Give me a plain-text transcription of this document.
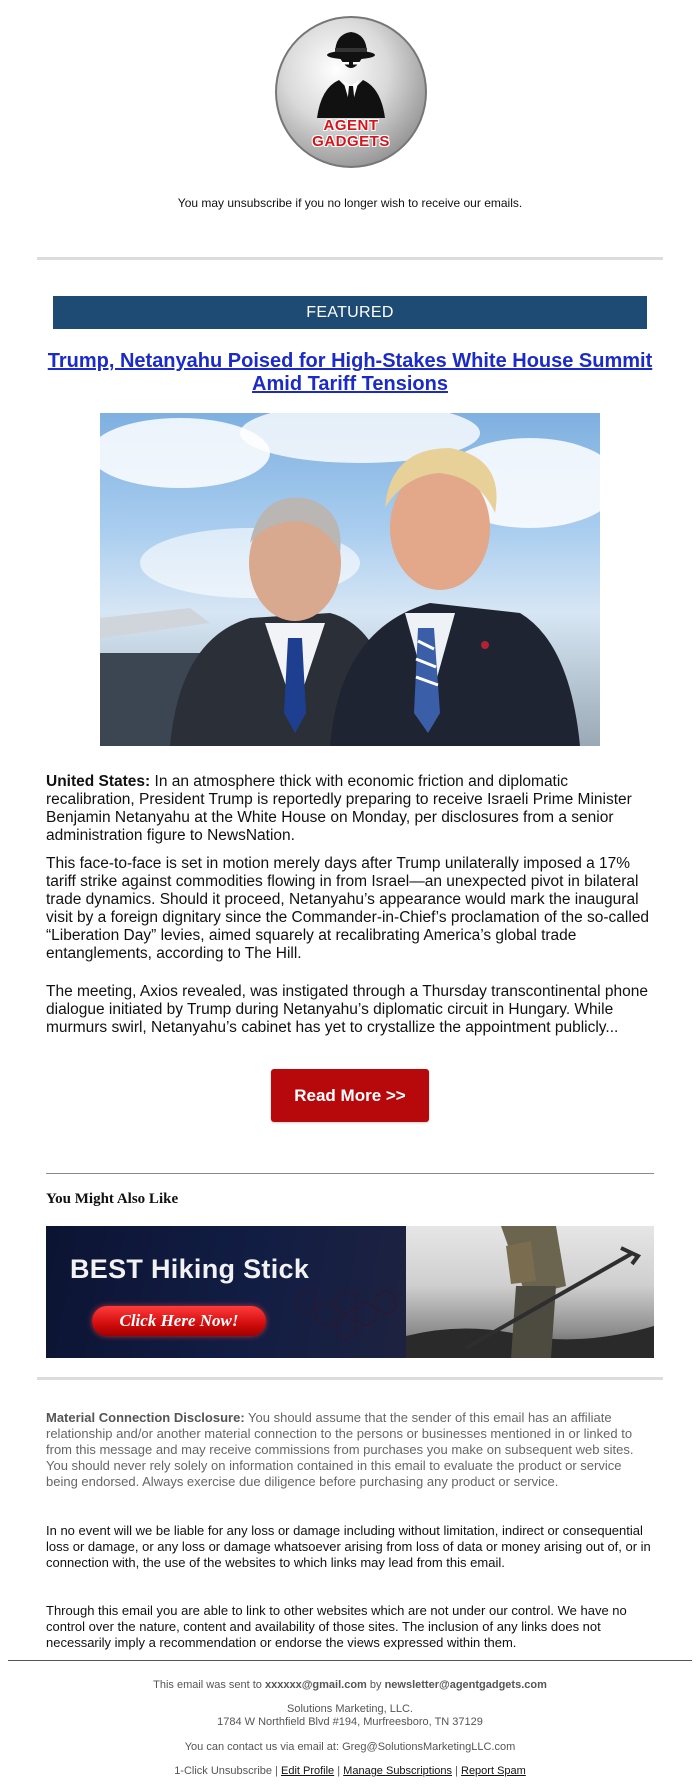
AGENT
GADGETS
You may unsubscribe if you no longer wish to receive our emails.
FEATURED
Trump, Netanyahu Poised for High-Stakes White House Summit Amid Tariff Tensions

United States: In an atmosphere thick with economic friction and diplomatic recalibration, President Trump is reportedly preparing to receive Israeli Prime Minister Benjamin Netanyahu at the White House on Monday, per disclosures from a senior administration figure to NewsNation.

This face-to-face is set in motion merely days after Trump unilaterally imposed a 17% tariff strike against commodities flowing in from Israel—an unexpected pivot in bilateral trade dynamics. Should it proceed, Netanyahu’s appearance would mark the inaugural visit by a foreign dignitary since the Commander-in-Chief’s proclamation of the so-called “Liberation Day” levies, aimed squarely at recalibrating America’s global trade entanglements, according to The Hill.

The meeting, Axios revealed, was instigated through a Thursday transcontinental phone dialogue initiated by Trump during Netanyahu’s diplomatic circuit in Hungary. While murmurs swirl, Netanyahu’s cabinet has yet to crystallize the appointment publicly...

Read More >>
You Might Also Like
BEST Hiking Stick
Click Here Now!
Material Connection Disclosure: You should assume that the sender of this email has an affiliate relationship and/or another material connection to the persons or businesses mentioned in or linked to from this message and may receive commissions from purchases you make on subsequent web sites. You should never rely solely on information contained in this email to evaluate the product or service being endorsed. Always exercise due diligence before purchasing any product or service.
In no event will we be liable for any loss or damage including without limitation, indirect or consequential loss or damage, or any loss or damage whatsoever arising from loss of data or money arising out of, or in connection with, the use of the websites to which links may lead from this email.
Through this email you are able to link to other websites which are not under our control. We have no control over the nature, content and availability of those sites. The inclusion of any links does not necessarily imply a recommendation or endorse the views expressed within them.
This email was sent to xxxxxx@gmail.com by newsletter@agentgadgets.com
Solutions Marketing, LLC.
1784 W Northfield Blvd #194, Murfreesboro, TN 37129
You can contact us via email at: Greg@SolutionsMarketingLLC.com
1-Click Unsubscribe | Edit Profile | Manage Subscriptions | Report Spam
